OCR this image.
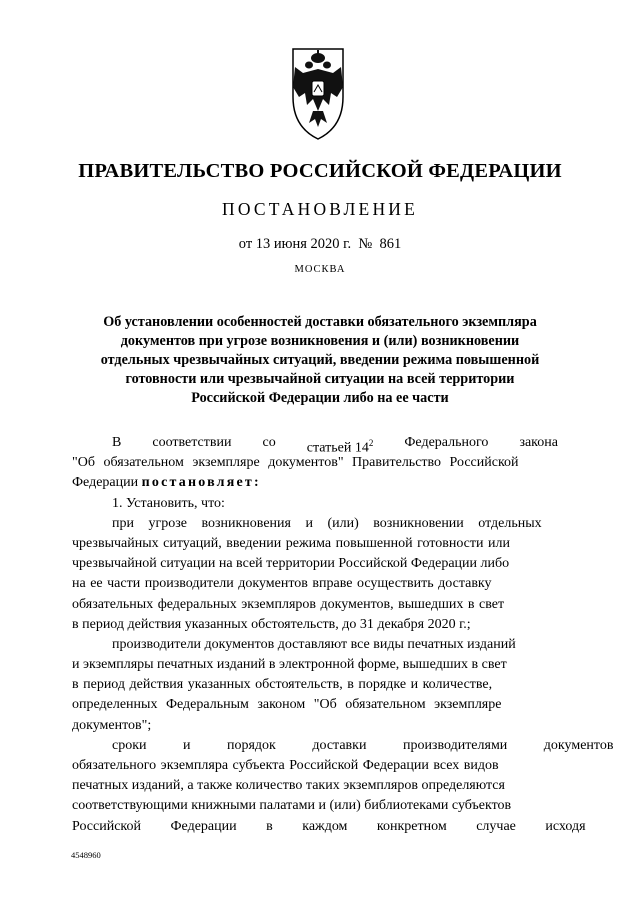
ПРАВИТЕЛЬСТВО РОССИЙСКОЙ ФЕДЕРАЦИИ
ПОСТАНОВЛЕНИЕ
от 13 июня 2020 г.  №  861
МОСКВА
Об установлении особенностей доставки обязательного экземпляра
документов при угрозе возникновения и (или) возникновении
отдельных чрезвычайных ситуаций, введении режима повышенной
готовности или чрезвычайной ситуации на всей территории
Российской Федерации либо на ее части
В соответствии со статьей $14^2$ Федерального закона
"Об обязательном экземпляре документов" Правительство Российской
Федерации постановляет:
1. Установить, что:
при угрозе возникновения и (или) возникновении отдельных
чрезвычайных ситуаций, введении режима повышенной готовности или
чрезвычайной ситуации на всей территории Российской Федерации либо
на ее части производители документов вправе осуществить доставку
обязательных федеральных экземпляров документов, вышедших в свет
в период действия указанных обстоятельств, до 31 декабря 2020 г.;
производители документов доставляют все виды печатных изданий
и экземпляры печатных изданий в электронной форме, вышедших в свет
в период действия указанных обстоятельств, в порядке и количестве,
определенных Федеральным законом "Об обязательном экземпляре
документов";
сроки и порядок доставки производителями документов
обязательного экземпляра субъекта Российской Федерации всех видов
печатных изданий, а также количество таких экземпляров определяются
соответствующими книжными палатами и (или) библиотеками субъектов
Российской Федерации в каждом конкретном случае исходя
4548960
